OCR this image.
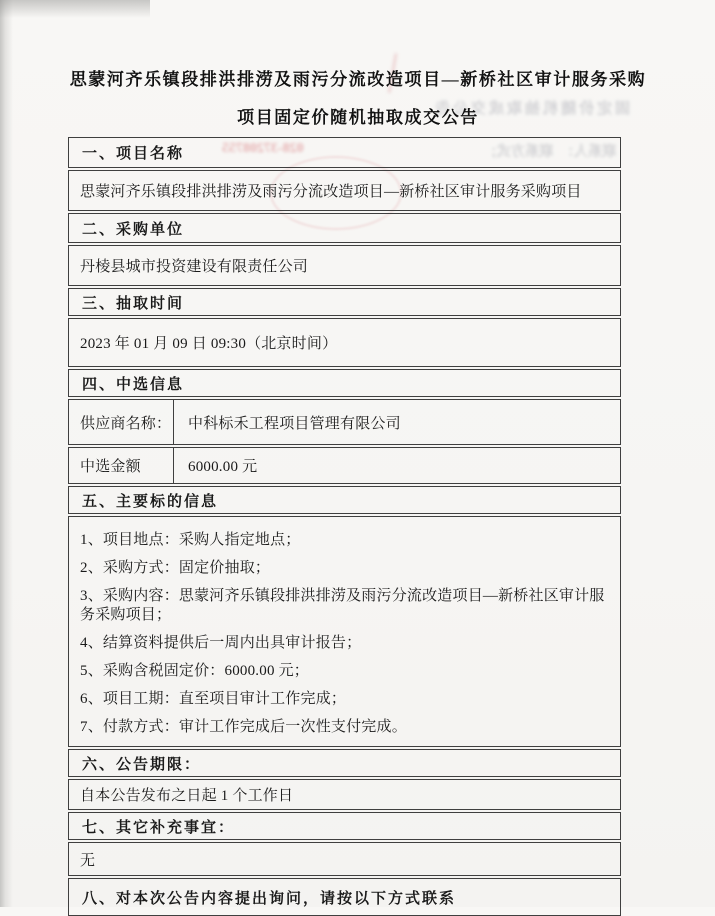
固定价随机抽取成交公告
联系人：　联系方式；
028-37208755
思蒙河齐乐镇段排洪排涝及雨污分流改造项目—新桥社区审计服务采购
项目固定价随机抽取成交公告
一、项目名称
思蒙河齐乐镇段排洪排涝及雨污分流改造项目—新桥社区审计服务采购项目
二、采购单位
丹棱县城市投资建设有限责任公司
三、抽取时间
2023 年 01 月 09 日 09:30（北京时间）
四、中选信息
供应商名称：	中科标禾工程项目管理有限公司
中选金额	6000.00 元
五、主要标的信息

1、项目地点：采购人指定地点；

2、采购方式：固定价抽取；

3、采购内容：思蒙河齐乐镇段排洪排涝及雨污分流改造项目—新桥社区审计服务采购项目；

4、结算资料提供后一周内出具审计报告；

5、采购含税固定价：6000.00 元；

6、项目工期：直至项目审计工作完成；

7、付款方式：审计工作完成后一次性支付完成。

六、公告期限：
自本公告发布之日起 1 个工作日
七、其它补充事宜：
无
八、对本次公告内容提出询问，请按以下方式联系
